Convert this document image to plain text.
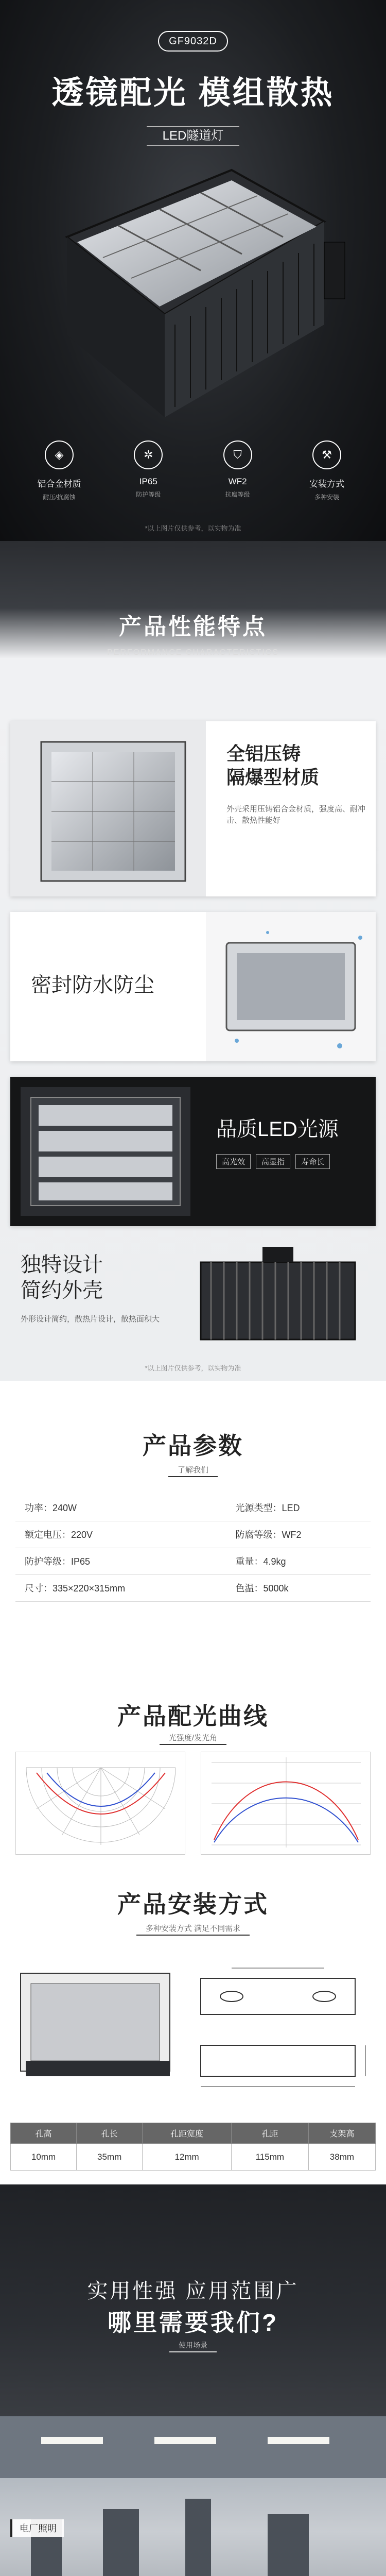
GF9032D
透镜配光 模组散热
LED隧道灯
◈
铝合金材质
耐压/抗腐蚀
✲
IP65
防护等级
⛉
WF2
抗腐等级
⚒
安装方式
多种安装
*以上图片仅供参考，以实物为准
产品性能特点
PERFORMANCE CHARACTERISTICS
全铝压铸
隔爆型材质
外壳采用压铸铝合金材质，强度高、耐冲击、散热性能好
密封防水防尘
品质LED光源
高光效	高显指	寿命长
独特设计
简约外壳
外形设计简约，散热片设计，散热面积大
*以上图片仅供参考，以实物为准
产品参数
了解我们
功率：240W	光源类型：LED
额定电压：220V	防腐等级：WF2
防护等级：IP65	重量：4.9kg
尺寸：335×220×315mm	色温：5000k
产品配光曲线
光强度/发光角
产品安装方式
多种安装方式 满足不同需求
孔高	孔长	孔距宽度	孔距	支架高
10mm	35mm	12mm	115mm	38mm
实用性强 应用范围广
哪里需要我们?
使用场景
电厂照明
